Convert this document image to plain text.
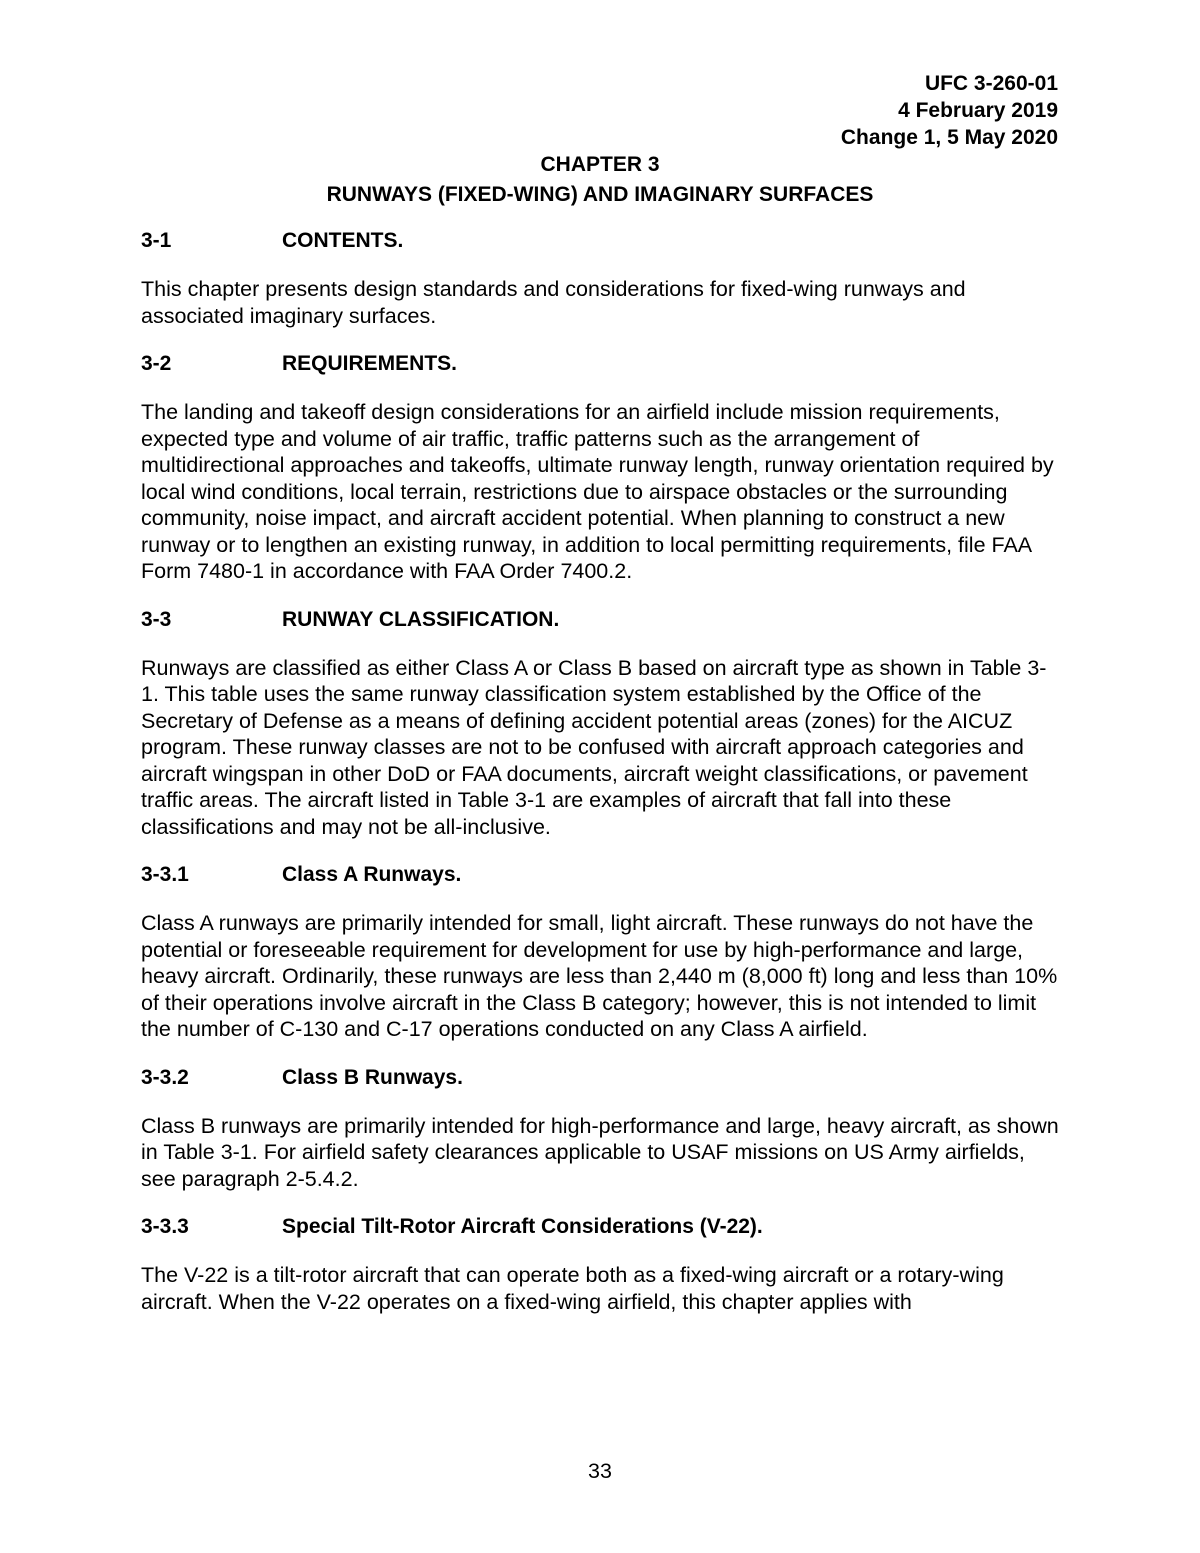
UFC 3-260-01
4 February 2019
Change 1, 5 May 2020
CHAPTER 3
RUNWAYS (FIXED-WING) AND IMAGINARY SURFACES
3-1	CONTENTS.
This chapter presents design standards and considerations for fixed-wing runways and associated imaginary surfaces.
3-2	REQUIREMENTS.
The landing and takeoff design considerations for an airfield include mission requirements, expected type and volume of air traffic, traffic patterns such as the arrangement of multidirectional approaches and takeoffs, ultimate runway length, runway orientation required by local wind conditions, local terrain, restrictions due to airspace obstacles or the surrounding community, noise impact, and aircraft accident potential. When planning to construct a new runway or to lengthen an existing runway, in addition to local permitting requirements, file FAA Form 7480-1 in accordance with FAA Order 7400.2.
3-3	RUNWAY CLASSIFICATION.
Runways are classified as either Class A or Class B based on aircraft type as shown in Table 3-1. This table uses the same runway classification system established by the Office of the Secretary of Defense as a means of defining accident potential areas (zones) for the AICUZ program. These runway classes are not to be confused with aircraft approach categories and aircraft wingspan in other DoD or FAA documents, aircraft weight classifications, or pavement traffic areas. The aircraft listed in Table 3-1 are examples of aircraft that fall into these classifications and may not be all-inclusive.
3-3.1	Class A Runways.
Class A runways are primarily intended for small, light aircraft. These runways do not have the potential or foreseeable requirement for development for use by high-performance and large, heavy aircraft. Ordinarily, these runways are less than 2,440 m (8,000 ft) long and less than 10% of their operations involve aircraft in the Class B category; however, this is not intended to limit the number of C-130 and C-17 operations conducted on any Class A airfield.
3-3.2	Class B Runways.
Class B runways are primarily intended for high-performance and large, heavy aircraft, as shown in Table 3-1. For airfield safety clearances applicable to USAF missions on US Army airfields, see paragraph 2-5.4.2.
3-3.3	Special Tilt-Rotor Aircraft Considerations (V-22).
The V-22 is a tilt-rotor aircraft that can operate both as a fixed-wing aircraft or a rotary-wing aircraft. When the V-22 operates on a fixed-wing airfield, this chapter applies with
33
